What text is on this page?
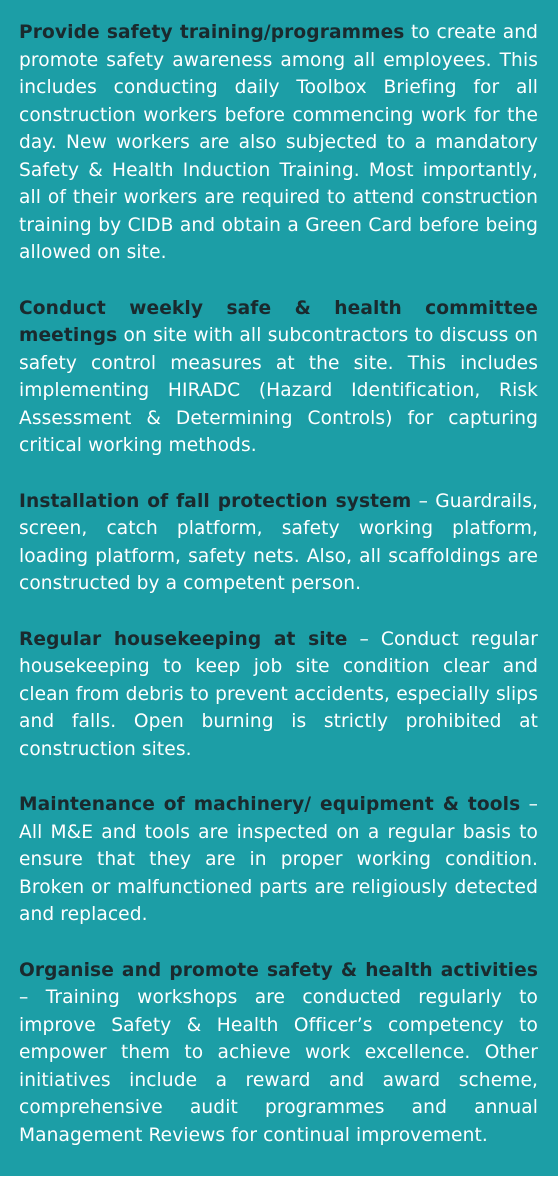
Provide safety training/programmes to create and promote safety awareness among all employees. This includes conducting daily Toolbox Briefing for all construction workers before commencing work for the day. New workers are also subjected to a mandatory Safety & Health Induction Training. Most importantly, all of their workers are required to attend construction training by CIDB and obtain a Green Card before being allowed on site.

Conduct weekly safe & health committee meetings on site with all subcontractors to discuss on safety control measures at the site. This includes implementing HIRADC (Hazard Identification, Risk Assessment & Determining Controls) for capturing critical working methods.

Installation of fall protection system – Guardrails, screen, catch platform, safety working platform, loading platform, safety nets. Also, all scaffoldings are constructed by a competent person.

Regular housekeeping at site – Conduct regular housekeeping to keep job site condition clear and clean from debris to prevent accidents, especially slips and falls. Open burning is strictly prohibited at construction sites.

Maintenance of machinery/ equipment & tools – All M&E and tools are inspected on a regular basis to ensure that they are in proper working condition. Broken or malfunctioned parts are religiously detected and replaced.

Organise and promote safety & health activities – Training workshops are conducted regularly to improve Safety & Health Officer’s competency to empower them to achieve work excellence. Other initiatives include a reward and award scheme, comprehensive audit programmes and annual Management Reviews for continual improvement.
